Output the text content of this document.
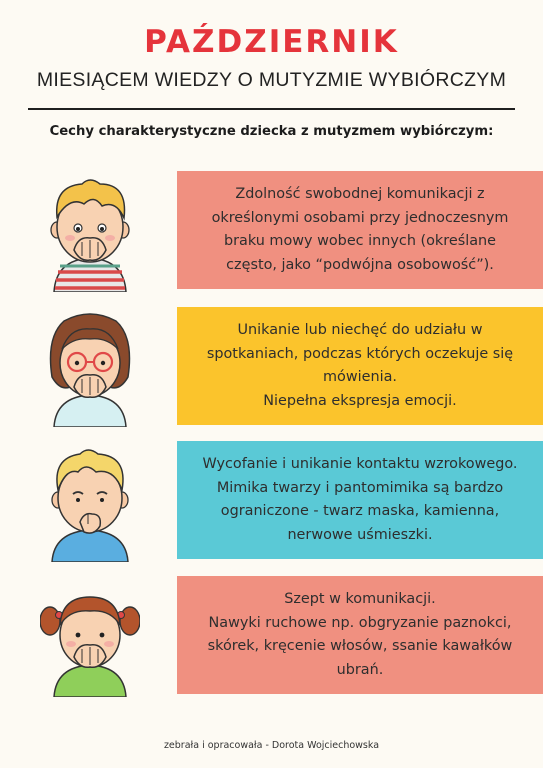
PAŹDZIERNIK
MIESIĄCEM WIEDZY O MUTYZMIE WYBIÓRCZYM
Cechy charakterystyczne dziecka z mutyzmem wybiórczym:
Zdolność swobodnej komunikacji z
określonymi osobami przy jednoczesnym
braku mowy wobec innych (określane
często, jako “podwójna osobowość”).
Unikanie lub niechęć do udziału w
spotkaniach, podczas których oczekuje się
mówienia.
Niepełna ekspresja emocji.
Wycofanie i unikanie kontaktu wzrokowego.
Mimika twarzy i pantomimika są bardzo
ograniczone - twarz maska, kamienna,
nerwowe uśmieszki.
Szept w komunikacji.
Nawyki ruchowe np. obgryzanie paznokci,
skórek, kręcenie włosów, ssanie kawałków
ubrań.
zebrała i opracowała - Dorota Wojciechowska
